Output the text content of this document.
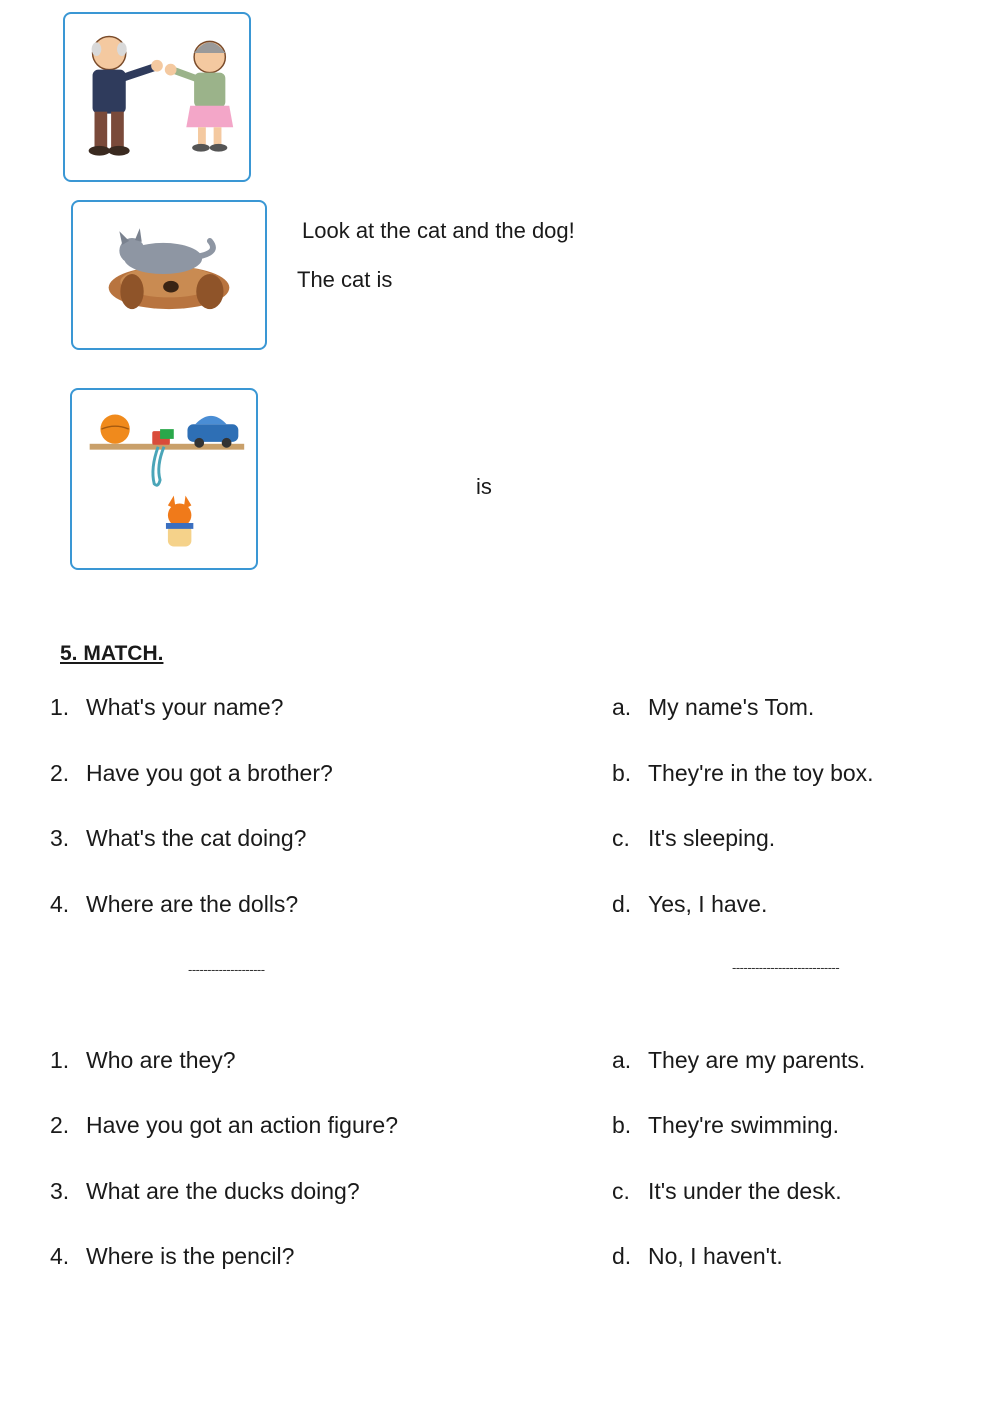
Look at the cat and the dog!
The cat is
is
5. MATCH.
1. What's your name?
2. Have you got a brother?
3. What's the cat doing?
4. Where are the dolls?
a. My name's Tom.
b. They're in the toy box.
c. It's sleeping.
d. Yes, I have.
--------------------	----------------------------
1. Who are they?
2. Have you got an action figure?
3. What are the ducks doing?
4. Where is the pencil?
a. They are my parents.
b. They're swimming.
c. It's under the desk.
d. No, I haven't.
